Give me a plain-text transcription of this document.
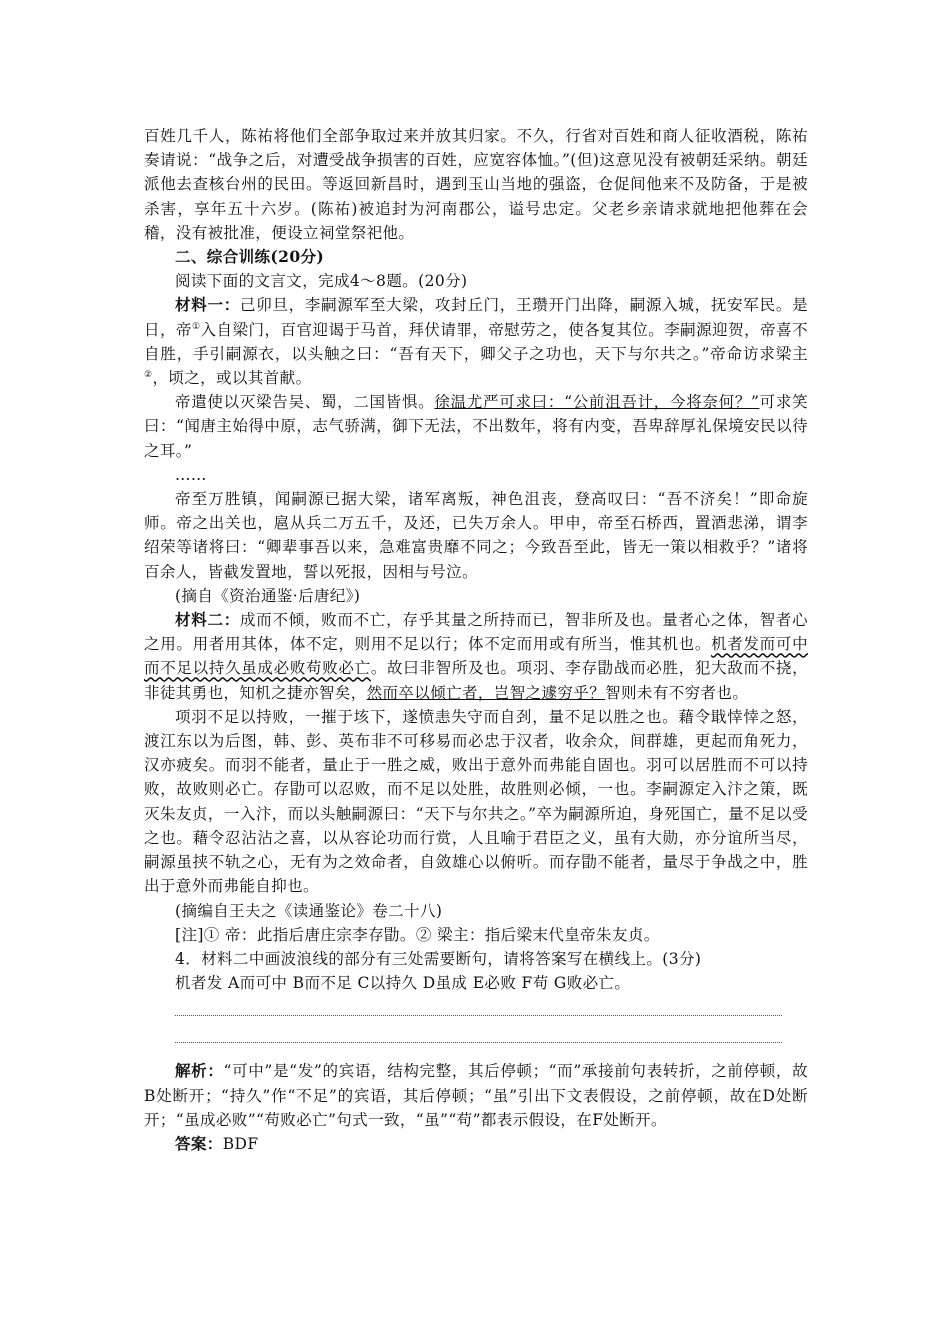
百姓几千人，陈祐将他们全部争取过来并放其归家。不久，行省对百姓和商人征收酒税，陈祐奏请说：“战争之后，对遭受战争损害的百姓，应宽容体恤。”(但)这意见没有被朝廷采纳。朝廷派他去查核台州的民田。等返回新昌时，遇到玉山当地的强盗，仓促间他来不及防备，于是被杀害，享年五十六岁。(陈祐)被追封为河南郡公，谥号忠定。父老乡亲请求就地把他葬在会稽，没有被批准，便设立祠堂祭祀他。

二、综合训练(20分)

阅读下面的文言文，完成4～8题。(20分)

材料一：己卯旦，李嗣源军至大梁，攻封丘门，王瓒开门出降，嗣源入城，抚安军民。是日，帝①入自梁门，百官迎谒于马首，拜伏请罪，帝慰劳之，使各复其位。李嗣源迎贺，帝喜不自胜，手引嗣源衣，以头触之曰：“吾有天下，卿父子之功也，天下与尔共之。”帝命访求梁主②，顷之，或以其首献。

帝遣使以灭梁告吴、蜀，二国皆惧。徐温尤严可求曰：“公前沮吾计，今将奈何？”可求笑曰：“闻唐主始得中原，志气骄满，御下无法，不出数年，将有内变，吾卑辞厚礼保境安民以待之耳。”

……

帝至万胜镇，闻嗣源已据大梁，诸军离叛，神色沮丧，登高叹曰：“吾不济矣！”即命旋师。帝之出关也，扈从兵二万五千，及还，已失万余人。甲申，帝至石桥西，置酒悲涕，谓李绍荣等诸将曰：“卿辈事吾以来，急难富贵靡不同之；今致吾至此，皆无一策以相救乎？”诸将百余人，皆截发置地，誓以死报，因相与号泣。

(摘自《资治通鉴·后唐纪》)

材料二：成而不倾，败而不亡，存乎其量之所持而已，智非所及也。量者心之体，智者心之用。用者用其体，体不定，则用不足以行；体不定而用或有所当，惟其机也。机者发而可中而不足以持久虽成必败苟败必亡。故曰非智所及也。项羽、李存勖战而必胜，犯大敌而不挠，非徒其勇也，知机之捷亦智矣，然而卒以倾亡者，岂智之遽穷乎？智则未有不穷者也。

项羽不足以持败，一摧于垓下，遂愤恚失守而自刭，量不足以胜之也。藉令戢悻悻之怒，渡江东以为后图，韩、彭、英布非不可移易而必忠于汉者，收余众，间群雄，更起而角死力，汉亦疲矣。而羽不能者，量止于一胜之威，败出于意外而弗能自固也。羽可以居胜而不可以持败，故败则必亡。存勖可以忍败，而不足以处胜，故胜则必倾，一也。李嗣源定入汴之策，既灭朱友贞，一入汴，而以头触嗣源曰：“天下与尔共之。”卒为嗣源所迫，身死国亡，量不足以受之也。藉令忍沾沾之喜，以从容论功而行赏，人且喻于君臣之义，虽有大勋，亦分谊所当尽，嗣源虽挟不轨之心，无有为之效命者，自敛雄心以俯听。而存勖不能者，量尽于争战之中，胜出于意外而弗能自抑也。

(摘编自王夫之《读通鉴论》卷二十八)

[注]① 帝：此指后唐庄宗李存勖。② 梁主：指后梁末代皇帝朱友贞。

4．材料二中画波浪线的部分有三处需要断句，请将答案写在横线上。(3分)

机者发 A而可中 B而不足 C以持久 D虽成 E必败 F苟 G败必亡。

解析：“可中”是“发”的宾语，结构完整，其后停顿；“而”承接前句表转折，之前停顿，故B处断开；“持久”作“不足”的宾语，其后停顿；“虽”引出下文表假设，之前停顿，故在D处断开；“虽成必败”“苟败必亡”句式一致，“虽”“苟”都表示假设，在F处断开。

答案：BDF
